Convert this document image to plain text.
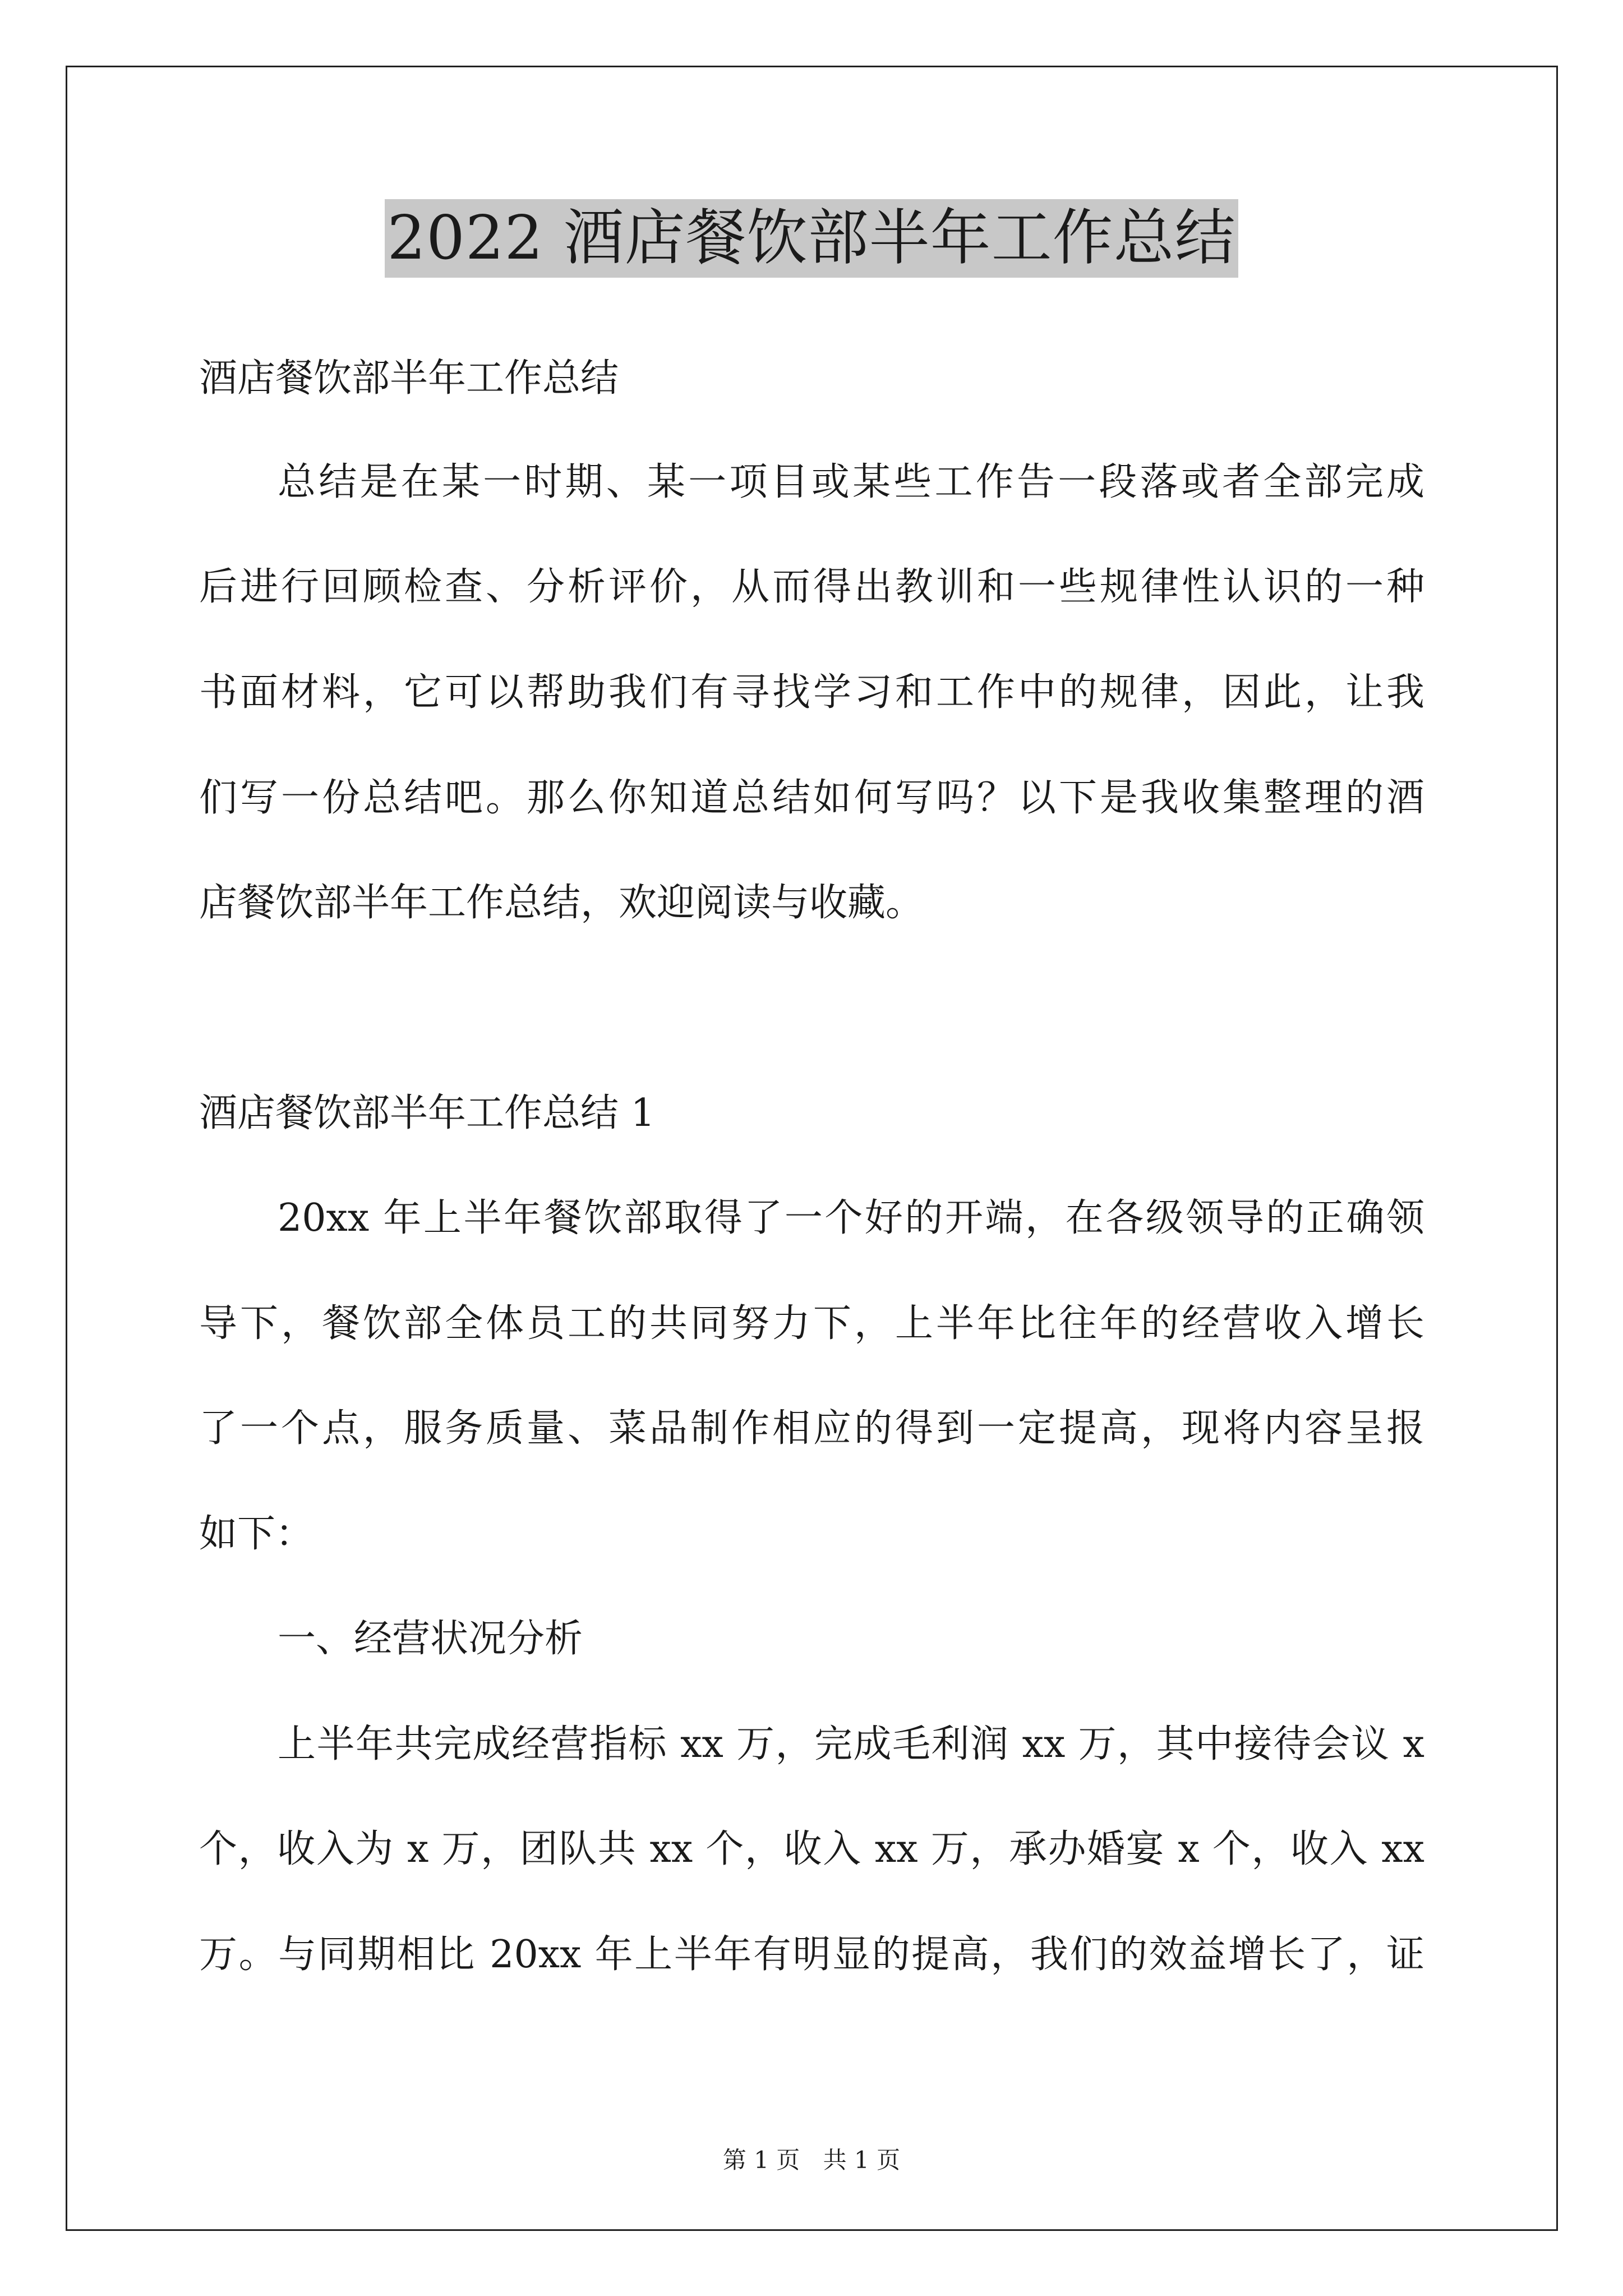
2022 酒店餐饮部半年工作总结
酒店餐饮部半年工作总结
总结是在某一时期、某一项目或某些工作告一段落或者全部完成
后进行回顾检查、分析评价，从而得出教训和一些规律性认识的一种
书面材料，它可以帮助我们有寻找学习和工作中的规律，因此，让我
们写一份总结吧。那么你知道总结如何写吗？以下是我收集整理的酒
店餐饮部半年工作总结，欢迎阅读与收藏。
酒店餐饮部半年工作总结 1
20xx 年上半年餐饮部取得了一个好的开端，在各级领导的正确领
导下，餐饮部全体员工的共同努力下，上半年比往年的经营收入增长
了一个点，服务质量、菜品制作相应的得到一定提高，现将内容呈报
如下：
一、经营状况分析
上半年共完成经营指标 xx 万，完成毛利润 xx 万，其中接待会议 x
个，收入为 x 万，团队共 xx 个，收入 xx 万，承办婚宴 x 个，收入 xx
万。与同期相比 20xx 年上半年有明显的提高，我们的效益增长了，证
第 1 页 共 1 页
